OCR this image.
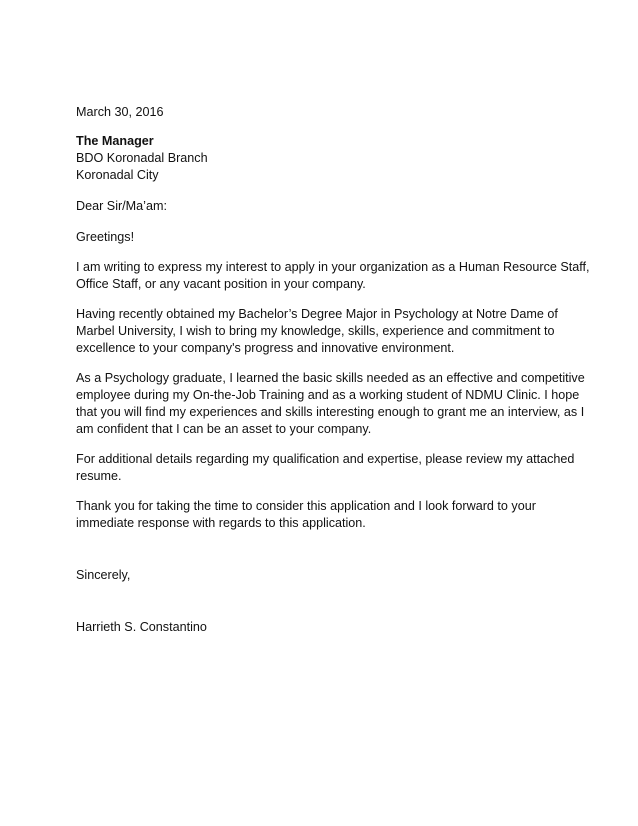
March 30, 2016
The Manager
BDO Koronadal Branch
Koronadal City
Dear Sir/Ma’am:
Greetings!
I am writing to express my interest to apply in your organization as a Human Resource Staff,
Office Staff, or any vacant position in your company.
Having recently obtained my Bachelor’s Degree Major in Psychology at Notre Dame of
Marbel University, I wish to bring my knowledge, skills, experience and commitment to
excellence to your company's progress and innovative environment.
As a Psychology graduate, I learned the basic skills needed as an effective and competitive
employee during my On-the-Job Training and as a working student of NDMU Clinic. I hope
that you will find my experiences and skills interesting enough to grant me an interview, as I
am confident that I can be an asset to your company.
For additional details regarding my qualification and expertise, please review my attached
resume.
Thank you for taking the time to consider this application and I look forward to your
immediate response with regards to this application.
Sincerely,
Harrieth S. Constantino
